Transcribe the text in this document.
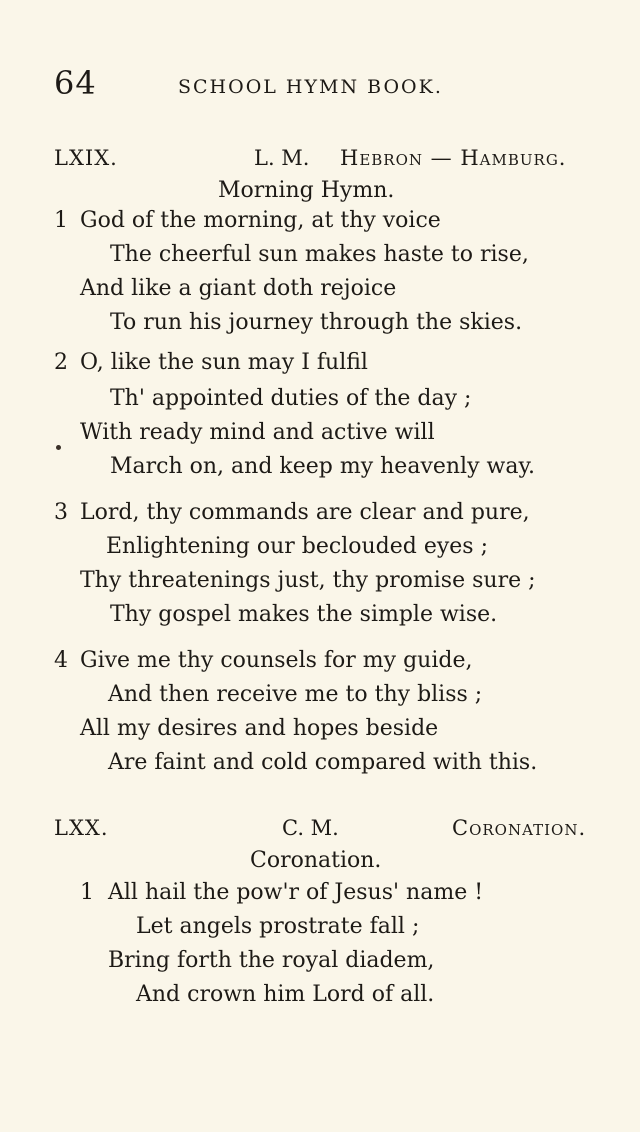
64	SCHOOL HYMN BOOK.
LXIX.	L. M. Hebron — Hamburg.
Morning Hymn.
1 God of the morning, at thy voice
The cheerful sun makes haste to rise,
And like a giant doth rejoice
To run his journey through the skies.
2 O, like the sun may I fulfil
Th' appointed duties of the day ;
With ready mind and active will
March on, and keep my heavenly way.
3 Lord, thy commands are clear and pure,
Enlightening our beclouded eyes ;
Thy threatenings just, thy promise sure ;
Thy gospel makes the simple wise.
4 Give me thy counsels for my guide,
And then receive me to thy bliss ;
All my desires and hopes beside
Are faint and cold compared with this.
LXX.	C. M.	Coronation.
Coronation.
1 All hail the pow'r of Jesus' name !
Let angels prostrate fall ;
Bring forth the royal diadem,
And crown him Lord of all.
